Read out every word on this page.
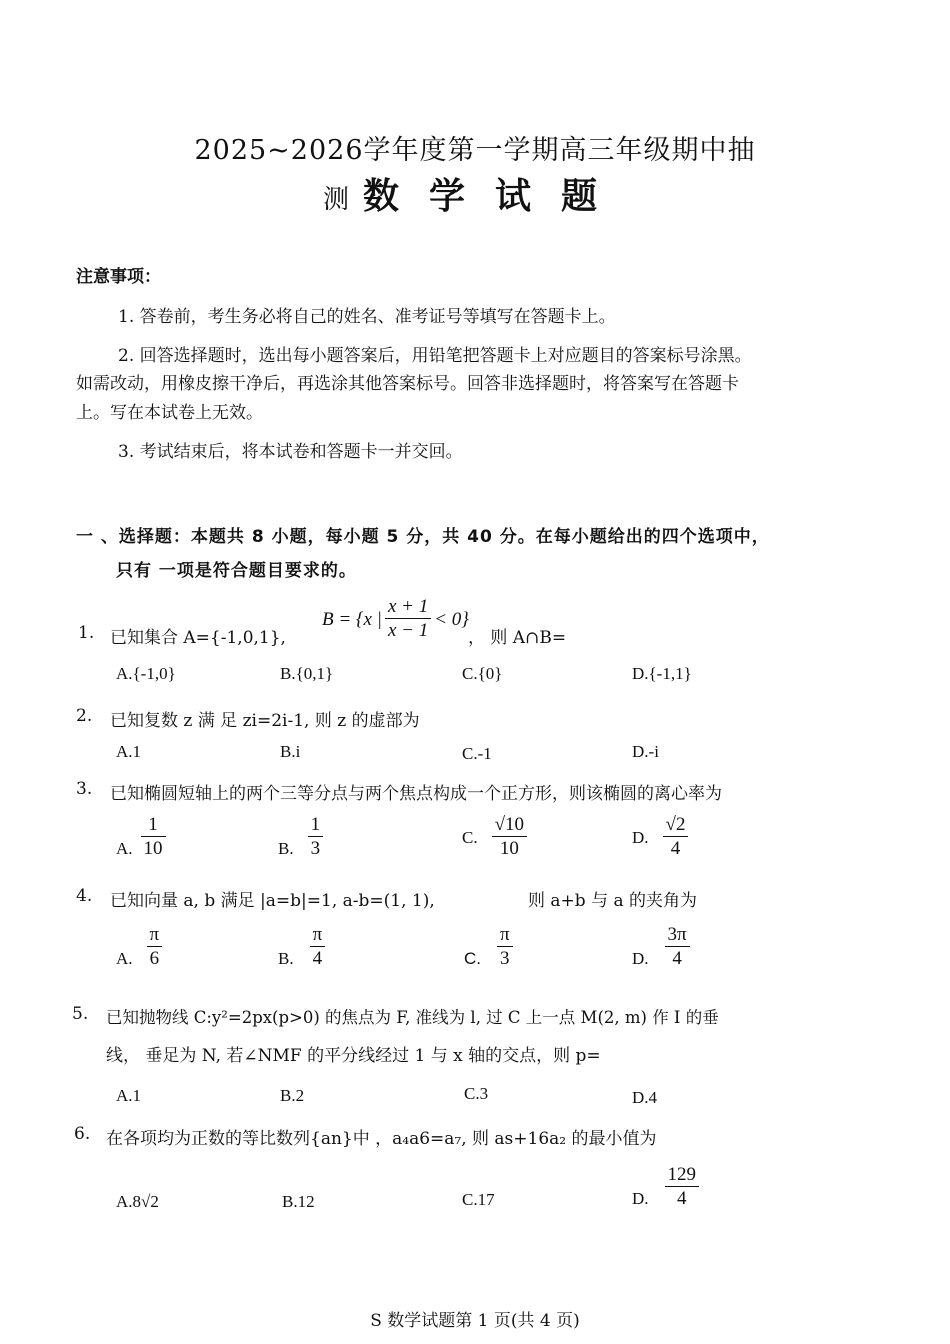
2025~2026学年度第一学期高三年级期中抽
测 数学试题
注意事项：
1. 答卷前，考生务必将自己的姓名、准考证号等填写在答题卡上。
2. 回答选择题时，选出每小题答案后，用铅笔把答题卡上对应题目的答案标号涂黑。
如需改动，用橡皮擦干净后，再选涂其他答案标号。回答非选择题时，将答案写在答题卡
上。写在本试卷上无效。
3. 考试结束后，将本试卷和答题卡一并交回。
一 、选择题：本题共 8 小题，每小题 5 分，共 40 分。在每小题给出的四个选项中，
只有 一项是符合题目要求的。
1. 已知集合 A={-1,0,1},
B = {x | $\frac{x + 1}{x - 1} < 0$}
， 则 A∩B=
A.{-1,0}	B.{0,1}	C.{0}	D.{-1,1}
2. 已知复数 z 满 足 zi=2i-1, 则 z 的虚部为
A.1	B.i	C.-1	D.-i
3. 已知椭圆短轴上的两个三等分点与两个焦点构成一个正方形，则该椭圆的离心率为
A. $\frac{1}{10}$	B. $\frac{1}{3}$	C. $\frac{√10}{10}$	D. $\frac{√2}{4}$
4. 已知向量 a, b 满足 |a=b|=1, a-b=(1, 1),	则 a+b 与 a 的夹角为
A. $\frac{\pi}{6}$	B. $\frac{\pi}{4}$	C. $\frac{\pi}{3}$	D. $\frac{3\pi}{4}$
5. 已知抛物线 C:y²=2px(p>0) 的焦点为 F, 准线为 l, 过 C 上一点 M(2, m) 作 I 的垂
线， 垂足为 N, 若∠NMF 的平分线经过 1 与 x 轴的交点，则 p=
A.1	B.2	C.3	D.4
6. 在各项均为正数的等比数列{an}中 ，a₄a6=a₇, 则 as+16a₂ 的最小值为
A.8√2	B.12	C.17	D. $\frac{129}{4}$
S 数学试题第 1 页(共 4 页)
